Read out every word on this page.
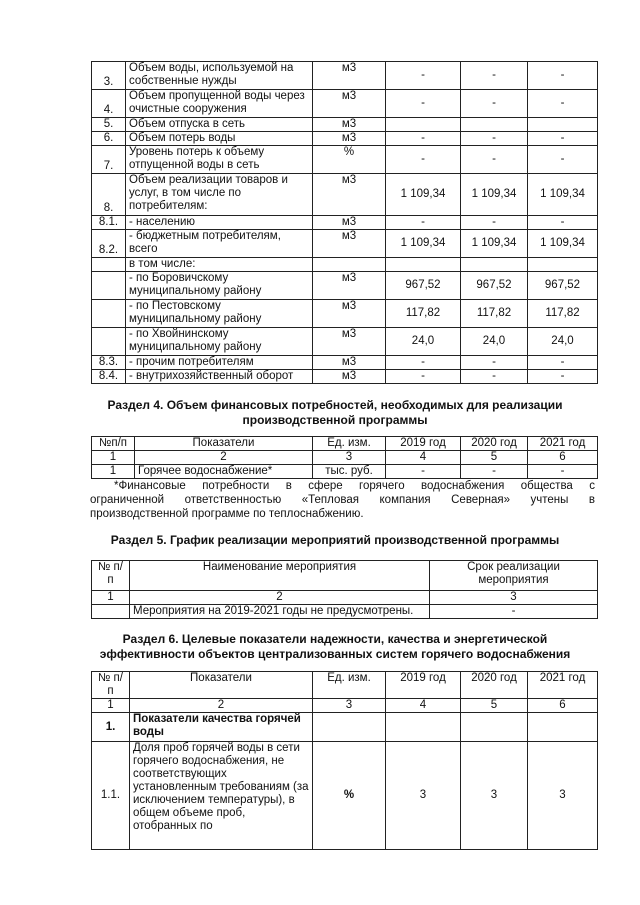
3.	Объем воды, используемой на собственные нужды	м3	-	-	-
4.	Объем пропущенной воды через очистные сооружения	м3	-	-	-
5.	Объем отпуска в сеть	м3			
6.	Объем потерь воды	м3	-	-	-
7.	Уровень потерь к объему отпущенной воды в сеть	%	-	-	-
8.	Объем реализации товаров и услуг, в том числе по потребителям:	м3	1 109,34	1 109,34	1 109,34
8.1.	- населению	м3	-	-	-
8.2.	- бюджетным потребителям, всего	м3	1 109,34	1 109,34	1 109,34
	в том числе:				
	- по Боровичскому муниципальному району	м3	967,52	967,52	967,52
	- по Пестовскому муниципальному району	м3	117,82	117,82	117,82
	- по Хвойнинскому муниципальному району	м3	24,0	24,0	24,0
8.3.	- прочим потребителям	м3	-	-	-
8.4.	- внутрихозяйственный оборот	м3	-	-	-
Раздел 4. Объем финансовых потребностей, необходимых для реализации
производственной программы
№п/п	Показатели	Ед. изм.	2019 год	2020 год	2021 год
1	2	3	4	5	6
1	Горячее водоснабжение*	тыс. руб.	-	-	-
*Финансовые потребности в сфере горячего водоснабжения общества с
ограниченной ответственностью «Тепловая компания Северная» учтены в
производственной программе по теплоснабжению.
Раздел 5. График реализации мероприятий производственной программы
№ п/п	Наименование мероприятия	Срок реализации мероприятия
1	2	3
	Мероприятия на 2019-2021 годы не предусмотрены.	-
Раздел 6. Целевые показатели надежности, качества и энергетической
эффективности объектов централизованных систем горячего водоснабжения
№ п/п	Показатели	Ед. изм.	2019 год	2020 год	2021 год
1	2	3	4	5	6
1.	Показатели качества горячей воды				
1.1.	Доля проб горячей воды в сети горячего водоснабжения, не соответствующих установленным требованиям (за исключением температуры), в общем объеме проб, отобранных по	%	3	3	3
